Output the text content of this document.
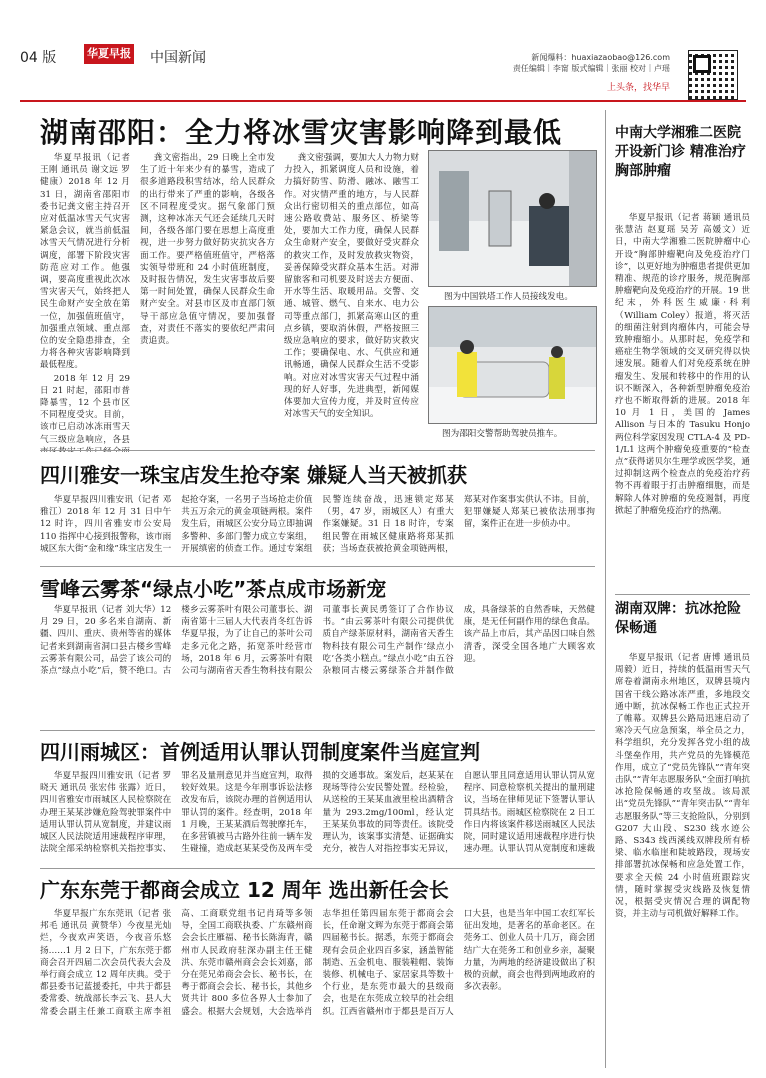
04 版	华夏早报 中国新闻	新闻爆料：huaxiazaobao@126.com
责任编辑｜李甯 版式编辑｜张丽 校对｜卢瑶
上头条，找华早
湖南邵阳：全力将冰雪灾害影响降到最低

华夏早报讯（记者 王刚 通讯员 谢文远 罗健康）2018 年 12 月 31 日，湖南省邵阳市委书记龚文密主持召开应对低温冰雪天气灾害紧急会议，就当前低温冰雪天气情况进行分析调度，部署下阶段灾害防范应对工作。他强调，要高度重视此次冰雪灾害天气，始终把人民生命财产安全放在第一位，加强值班值守，加强重点领域、重点部位的安全隐患排查，全力将各种灾害影响降到最低程度。

2018 年 12 月 29 日 21 时起，邵阳市普降暴雪，12 个县市区不同程度受灾。目前，该市已启动冰冻雨雪天气三级应急响应，各县

龚文密指出，29 日晚上全市发生了近十年来少有的暴雪，造成了很多道路段积雪结冰，给人民群众的出行带来了严重的影响，各级各区不同程度受灾。据气象部门预测，这种冰冻天气还会延续几天时间，各级各部门要在思想上高度重视，进一步努力做好防灾抗灾各方面工作。要严格值班值守，严格落实领导带班和 24 小时值班制度，及时报告情况，发生灾害事故后要第一时间处置，确保人民群众生命财产安全。对县市区及市直部门领导干部应急值守情况，要加强督查，对责任不落实的要依纪严肃问责追责。

龚文密强调，要加大人力物力财力投入，抓紧调度人员和设施，着力搞好防雪、防滑、融冰、融雪工作。对灾情严重的地方，与人民群众出行密切相关的重点部位，如高速公路收费站、服务区、桥梁等处，要加大工作力度，确保人民群众生命财产安全，要做好受灾群众的救灾工作，及时发放救灾物资，妥善保障受灾群众基本生活。对滞留旅客和司机要及时送去方便面、开水等生活、取暖用品。交警、交通、城管、燃气、自来水、电力公司等重点部门，抓紧高寒山区的重点乡镇，要取消休假，严格按照三级应急响应的要求，做好防灾救灾工作；要确保电、水、气供应和通讯畅通，确保人民群众生活不受影响。对应对冰雪灾害天气过程中涌现的好人好事，先进典型，新闻媒体要加大宣传力度，并及时宣传应对冰雪天气的安全知识。

图为中国铁塔工作人员接线发电。
图为邵阳交警帮助驾驶员推车。
四川雅安一珠宝店发生抢夺案 嫌疑人当天被抓获

华夏早报四川雅安讯（记者 邓雅江）2018 年 12 月 31 日中午 12 时许，四川省雅安市公安局 110 指挥中心接到报警称，该市雨城区东大街“金和缘”珠宝店发生一起抢夺案，一名男子当场抢走价值共五万余元的黄金项链两根。案件发生后，雨城区公安分局立即抽调多警种、多部门警力成立专案组，开展缜密的侦查工作。通过专案组民警连续奋战，迅速锁定郑某（男，47 岁，雨城区人）有重大作案嫌疑。31 日 18 时许，专案组民警在雨城区健康路将郑某抓获；当场查获被抢黄金项链两根，郑某对作案事实供认不讳。目前，犯罪嫌疑人郑某已被依法刑事拘留，案件正在进一步侦办中。

雪峰云雾茶“绿点小吃”茶点成市场新宠

华夏早报讯（记者 刘大华）12 月 29 日，20 多名来自湖南、新疆、四川、重庆、贵州等省的媒体记者来到湖南省洞口县古楼乡雪峰云雾茶有限公司，品尝了该公司的茶点“绿点小吃”后，赞不绝口。古楼乡云雾茶叶有限公司董事长、湖南省第十三届人大代表肖冬红告诉华夏早报，为了让自己的茶叶公司走多元化之路，拓宽茶叶经营市场，2018 年 6 月，云雾茶叶有限公司与湖南省天香生物科技有限公司董事长黄民勇签订了合作协议书。“由云雾茶叶有限公司提供优质自产绿茶原材料，湖南省天香生物科技有限公司生产制作‘绿点小吃’各类小糕点。”绿点小吃”由五谷杂粮同古楼云雾绿茶合并制作做成，具备绿茶的自然香味，天然健康，是无任何副作用的绿色食品。该产品上市后，其产品因口味自然清香，深受全国各地广大顾客欢迎。

四川雨城区：首例适用认罪认罚制度案件当庭宣判

华夏早报四川雅安讯（记者 罗晓天 通讯员 张宏伟 张露）近日，四川省雅安市雨城区人民检察院在办理王某某涉嫌危险驾驶罪案件中适用认罪认罚从宽制度，并建议雨城区人民法院适用速裁程序审理，法院全部采纳检察机关指控事实、罪名及量刑意见并当庭宣判，取得较好效果。这是今年刑事诉讼法修改发布后，该院办理的首例适用认罪认罚的案件。经查明，2018 年 1 月晚，王某某酒后驾驶摩托车，在多营镇被马古路外往前一辆车发生碰撞，造成赵某某受伤及两车受损的交通事故。案发后，赵某某在现场等待公安民警处置。经检验，从送检的王某某血液里检出酒精含量为 293.2mg/100ml，经认定王某某负事故的同等责任。该院受理认为，该案事实清楚、证据确实充分，被告人对指控事实无异议，自愿认罪且同意适用认罪认罚从宽程序、同意检察机关提出的量刑建议，当场在律师见证下签署认罪认罚具结书。雨城区检察院在 2 日工作日内将该案件移送雨城区人民法院，同时建议适用速裁程序进行快速办理。认罪认罚从宽制度和速裁

广东东莞于都商会成立 12 周年 选出新任会长

华夏早报广东东莞讯（记者 张邦毛 通讯员 黄赞华）今夜星光灿烂，今夜欢声笑语，今夜音乐悠扬……1 月 2 日下，广东东莞于都商会召开四届二次会员代表大会及举行商会成立 12 周年庆典。受于都县委书记蓝援委托，中共于都县委常委、统战部长李云飞、县人大常委会副主任兼工商联主席李祖高、工商联党组书记肖琦等多领导，全国工商联执委、广东赣州商会会长庄雁福、秘书长陈海青，赣州市人民政府驻深办副主任王健洪、东莞市赣州商会会长刘嘉，部分在莞兄弟商会会长、秘书长，在粤于都商会会长、秘书长，其他乡贤共计 800 多位各界人士参加了盛会。根据大会规划，大会选举肖志华担任第四届东莞于都商会会长，任命谢文辉为东莞于都商会第四届秘书长。据悉，东莞于都商会现有会员企业四百多家，涵盖智能制造、五金机电、服装鞋帽、装饰装修、机械电子、家居家具等数十个行业，是东莞市最大的县级商会，也是在东莞成立较早的社会组织。江西省赣州市于都县是百万人口大县，也是当年中国工农红军长征出发地，是著名的革命老区。在莞务工、创业人员十几万，商会团结广大在莞务工和创业乡亲，凝聚力量，为两地的经济建设做出了积极的贡献，商会也得到两地政府的多次表彰。

中南大学湘雅二医院开设新门诊 精准治疗胸部肿瘤

华夏早报讯（记者 蒋颖 通讯员 张慧洁 赵夏瑶 吴芳 高媛文）近日，中南大学湘雅二医院肿瘤中心开设“胸部肿瘤靶向及免疫治疗门诊”，以更好地为肿瘤患者提供更加精准、规范的诊疗服务，规范胸部肿瘤靶向及免疫治疗的开展。19 世纪末，外科医生威廉·科利（William Coley）报道，将灭活的细菌注射到肉瘤体内，可能会导致肿瘤缩小。从那时起，免疫学和癌症生物学领域的交叉研究得以快速发展。随着人们对免疫系统在肿瘤发生、发展和转移中的作用的认识不断深入，各种新型肿瘤免疫治疗也不断取得新的进展。2018 年 10 月 1 日，美国的 James Allison 与日本的 Tasuku Honjo 两位科学家因发现 CTLA-4 及 PD-1/L1 这两个肿瘤免疫重要的“检查点”获得诺贝尔生理学或医学奖，通过抑制这两个检查点的免疫治疗药物不再着眼于打击肿瘤细胞，而是解除人体对肿瘤的免疫遏制，再度掀起了肿瘤免疫治疗的热潮。

湖南双牌：抗冰抢险保畅通

华夏早报讯（记者 唐博 通讯员 周毅）近日，持续的低温雨雪天气席卷着湖南永州地区，双牌县境内国省干线公路冰冻严重，多地段交通中断，抗冰保畅工作也正式拉开了帷幕。双牌县公路局迅速启动了寒冷天气应急预案，举全员之力，科学组织，充分发挥各党小组的战斗堡垒作用，共产党员的先锋模范作用，成立了“党员先锋队”“青年突击队”“青年志愿服务队”全面打响抗冰抢险保畅通的攻坚战。该局派出“党员先锋队”“青年突击队”“青年志愿服务队”等三支抢险队，分别到 G207 大山段、S230 线水迹公路、S343 线西溪线双牌段所有桥梁、临水临崖和陡坡路段，现场安排部署抗冰保畅和应急处置工作，要求全天候 24 小时值班跟踪灾情，随时掌握受灾线路及恢复情况，根据受灾情况合理的调配物资，并主动与司机做好解释工作。
